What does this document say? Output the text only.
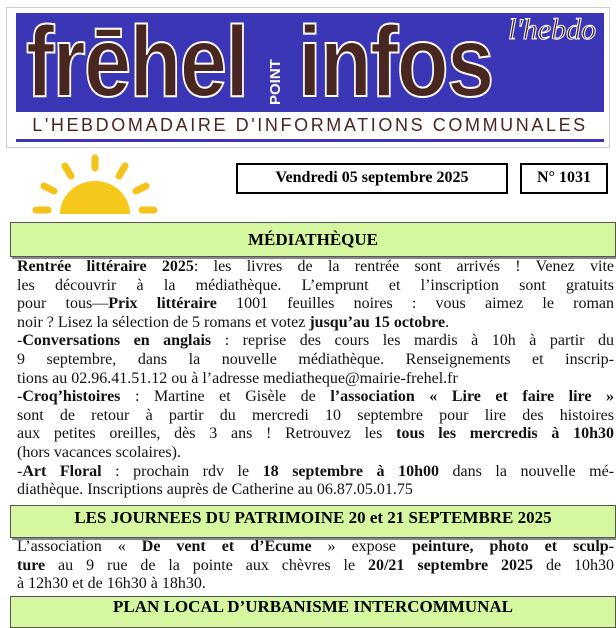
frēhel POINT infos l'hebdo
L'HEBDOMADAIRE D'INFORMATIONS COMMUNALES
Vendredi 05 septembre 2025	N° 1031
MÉDIATHÈQUE
Rentrée littéraire 2025: les livres de la rentrée sont arrivés ! Venez vite
les découvrir à la médiathèque. L’emprunt et l’inscription sont gratuits
pour tous—Prix littéraire 1001 feuilles noires : vous aimez le roman
noir ? Lisez la sélection de 5 romans et votez jusqu’au 15 octobre.
-Conversations en anglais : reprise des cours les mardis à 10h à partir du
9 septembre, dans la nouvelle médiathèque. Renseignements et inscrip-
tions au 02.96.41.51.12 ou à l’adresse mediatheque@mairie-frehel.fr
-Croq’histoires : Martine et Gisèle de l’association « Lire et faire lire »
sont de retour à partir du mercredi 10 septembre pour lire des histoires
aux petites oreilles, dès 3 ans ! Retrouvez les tous les mercredis à 10h30
(hors vacances scolaires).
-Art Floral : prochain rdv le 18 septembre à 10h00 dans la nouvelle mé-
diathèque. Inscriptions auprès de Catherine au 06.87.05.01.75
LES JOURNEES DU PATRIMOINE 20 et 21 SEPTEMBRE 2025
L’association « De vent et d’Ecume » expose peinture, photo et sculp-
ture au 9 rue de la pointe aux chèvres le 20/21 septembre 2025 de 10h30
à 12h30 et de 16h30 à 18h30.
PLAN LOCAL D’URBANISME INTERCOMMUNAL
